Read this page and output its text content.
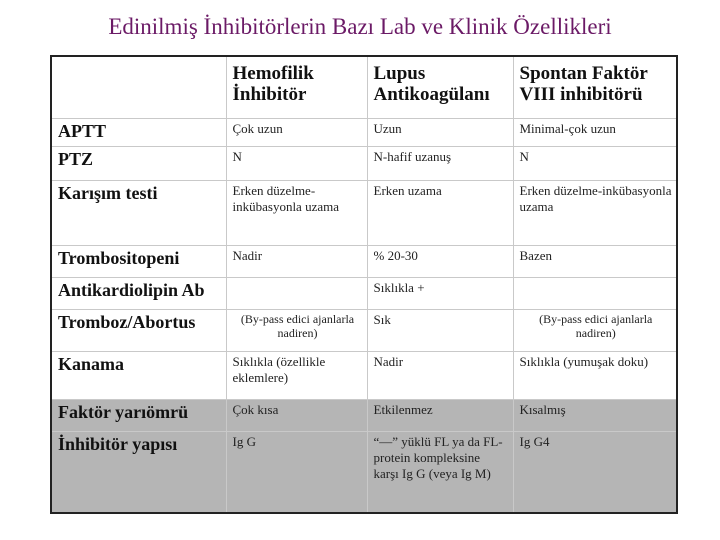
Edinilmiş İnhibitörlerin Bazı Lab ve Klinik Özellikleri
	Hemofilik İnhibitör	Lupus Antikoagülanı	Spontan Faktör VIII inhibitörü
APTT	Çok uzun	Uzun	Minimal-çok uzun
PTZ	N	N-hafif uzanuş	N
Karışım testi	Erken düzelme-inkübasyonla uzama	Erken uzama	Erken düzelme-inkübasyonla uzama
Trombositopeni	Nadir	% 20-30	Bazen
Antikardiolipin Ab		Sıklıkla +	
Tromboz/Abortus	(By-pass edici ajanlarla nadiren)	Sık	(By-pass edici ajanlarla nadiren)
Kanama	Sıklıkla (özellikle eklemlere)	Nadir	Sıklıkla (yumuşak doku)
Faktör yarıömrü	Çok kısa	Etkilenmez	Kısalmış
İnhibitör yapısı	Ig G	“—” yüklü FL ya da FL-protein kompleksine karşı Ig G (veya Ig M)	Ig G4
